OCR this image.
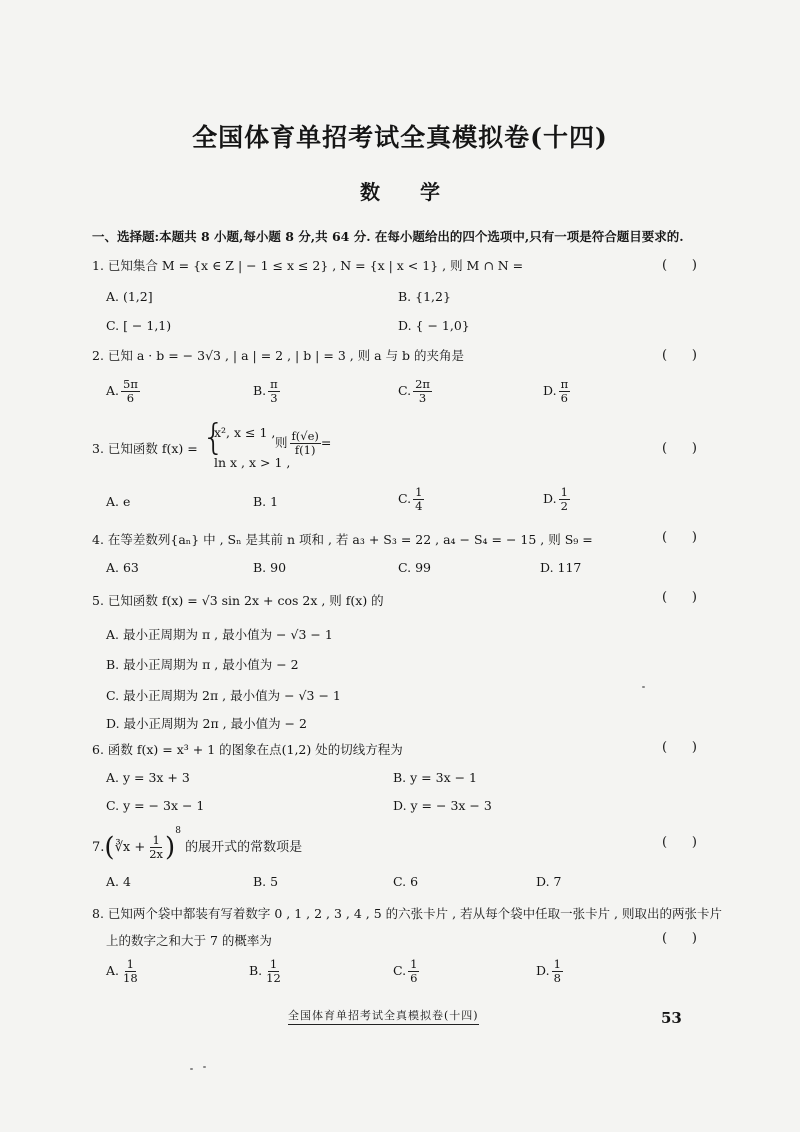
全国体育单招考试全真模拟卷(十四)
数学
一、选择题:本题共 8 小题,每小题 8 分,共 64 分. 在每小题给出的四个选项中,只有一项是符合题目要求的.
1. 已知集合 M = {x ∈ Z | − 1 ≤ x ≤ 2} , N = {x | x < 1} , 则 M ∩ N =	(      )
A. (1,2]	B. {1,2}
C. [ − 1,1)	D. { − 1,0}
2. 已知 a · b = − 3√3 , | a | = 2 , | b | = 3 , 则 a 与 b 的夹角是	(      )
A. $\frac{5\pi}{6}$	B. $\frac{\pi}{3}$	C. $\frac{2\pi}{3}$	D. $\frac{\pi}{6}$
3. 已知函数 f(x) = {
x², x ≤ 1 ,
ln x , x > 1 ,
则 $\frac{f(√e)}{f(1)}$ =	(      )
A. e	B. 1	C. $\frac{1}{4}$	D. $\frac{1}{2}$
4. 在等差数列{aₙ} 中 , Sₙ 是其前 n 项和 , 若 a₃ + S₃ = 22 , a₄ − S₄ = − 15 , 则 S₉ =	(      )
A. 63	B. 90	C. 99	D. 117
5. 已知函数 f(x) = √3 sin 2x + cos 2x , 则 f(x) 的	(      )
A. 最小正周期为 π , 最小值为 − √3 − 1
B. 最小正周期为 π , 最小值为 − 2
C. 最小正周期为 2π , 最小值为 − √3 − 1
D. 最小正周期为 2π , 最小值为 − 2
6. 函数 f(x) = x³ + 1 的图象在点(1,2) 处的切线方程为	(      )
A. y = 3x + 3	B. y = 3x − 1
C. y = − 3x − 1	D. y = − 3x − 3
7.(∛x + $\frac{1}{2x} )^8$ 的展开式的常数项是	(      )
A. 4	B. 5	C. 6	D. 7
8. 已知两个袋中都装有写着数字 0 , 1 , 2 , 3 , 4 , 5 的六张卡片 , 若从每个袋中任取一张卡片 , 则取出的两张卡片
上的数字之和大于 7 的概率为	(      )
A. $\frac{1}{18}$	B. $\frac{1}{12}$	C. $\frac{1}{6}$	D. $\frac{1}{8}$
全国体育单招考试全真模拟卷(十四)	53
